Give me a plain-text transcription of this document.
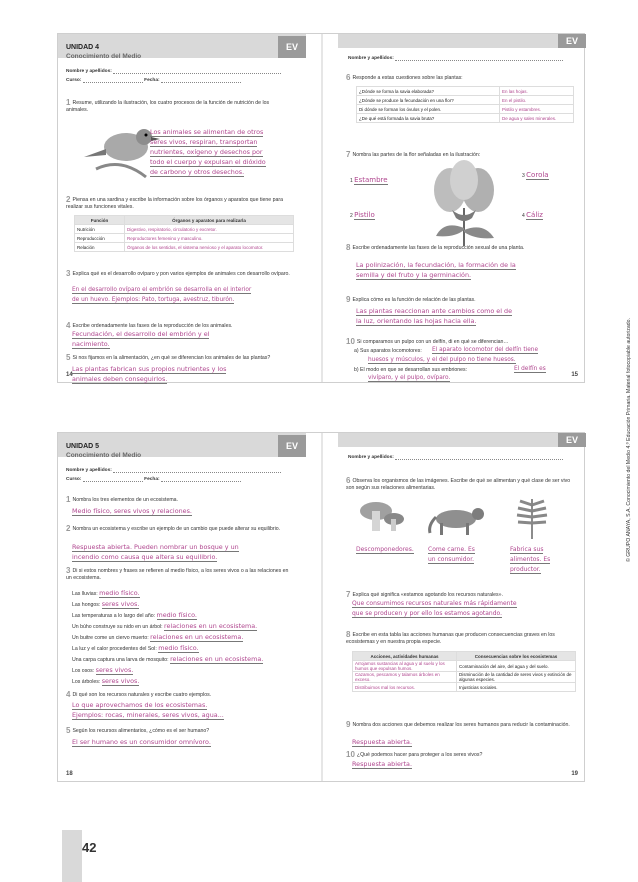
UNIDAD 4
Conocimiento del Medio
EV
Nombre y apellidos:
Curso:	Fecha:
1 Resume, utilizando la ilustración, los cuatro procesos de la función de nutrición de los animales.
Los animales se alimentan de otros
seres vivos, respiran, transportan
nutrientes, oxígeno y desechos por
todo el cuerpo y expulsan el dióxido
de carbono y otros desechos.
2 Piensa en una sardina y escribe la información sobre los órganos y aparatos que tiene para realizar sus funciones vitales.
Función	Órganos y aparatos para realizarla
Nutrición	Digestivo, respiratorio, circulatorio y excretor.
Reproducción	Reproductores femenino y masculino.
Relación	Órganos de los sentidos, el sistema nervioso y el aparato locomotor.
3 Explica qué es el desarrollo ovíparo y pon varios ejemplos de animales con desarrollo ovíparo.
En el desarrollo ovíparo el embrión se desarrolla en el interior
de un huevo. Ejemplos: Pato, tortuga, avestruz, tiburón.
4 Escribe ordenadamente las fases de la reproducción de los animales.
Fecundación, el desarrollo del embrión y el
nacimiento.
5 Si nos fijamos en la alimentación, ¿en qué se diferencian los animales de las plantas?
Las plantas fabrican sus propios nutrientes y los
animales deben conseguirlos.
14
EV
Nombre y apellidos:
6 Responde a estas cuestiones sobre las plantas:
¿Dónde se forma la savia elaborada?	En las hojas.
¿Dónde se produce la fecundación en una flor?	En el pistilo.
Di dónde se forman los óvulos y el polen.	Pistilo y estambres.
¿De qué está formada la savia bruta?	De agua y sales minerales.
7 Nombra las partes de la flor señaladas en la ilustración:
1 Estambre	3 Corola
2 Pistilo	4 Cáliz
8 Escribe ordenadamente las fases de la reproducción sexual de una planta.
La polinización, la fecundación, la formación de la
semilla y del fruto y la germinación.
9 Explica cómo es la función de relación de las plantas.
Las plantas reaccionan ante cambios como el de
la luz, orientando las hojas hacia ella.
10 Si comparamos un pulpo con un delfín, di en qué se diferencian…
a) Sus aparatos locomotores:	El aparato locomotor del delfín tiene
huesos y músculos, y el del pulpo no tiene huesos.
b) El modo en que se desarrollan sus embriones:	El delfín es
vivíparo, y el pulpo, ovíparo.	15
UNIDAD 5
Conocimiento del Medio
EV
Nombre y apellidos:
Curso:	Fecha:
1 Nombra los tres elementos de un ecosistema.
Medio físico, seres vivos y relaciones.
2 Nombra un ecosistema y escribe un ejemplo de un cambio que puede alterar su equilibrio.
Respuesta abierta. Pueden nombrar un bosque y un
incendio como causa que altera su equilibrio.
3 Di si estos nombres y frases se refieren al medio físico, a los seres vivos o a las relaciones en un ecosistema.
Las lluvias: medio físico.
Las hongos: seres vivos.
Las temperaturas a lo largo del año: medio físico.
Un búho construye su nido en un árbol: relaciones en un ecosistema.
Un buitre come un ciervo muerto: relaciones en un ecosistema.
La luz y el calor procedentes del Sol: medio físico.
Una carpa captura una larva de mosquito: relaciones en un ecosistema.
Los osos: seres vivos.
Los árboles: seres vivos.
4 Di qué son los recursos naturales y escribe cuatro ejemplos.
Lo que aprovechamos de los ecosistemas.
Ejemplos: rocas, minerales, seres vivos, agua...
5 Según los recursos alimentarios, ¿cómo es el ser humano?
El ser humano es un consumidor omnívoro.
18
EV
Nombre y apellidos:
6 Observa los organismos de las imágenes. Escribe de qué se alimentan y qué clase de ser vivo son según sus relaciones alimentarias.
Descomponedores. Come carne. Es
un consumidor.
Fabrica sus
alimentos. Es
productor.
7 Explica qué significa «estamos agotando los recursos naturales».
Que consumimos recursos naturales más rápidamente
que se producen y por ello los estamos agotando.
8 Escribe en esta tabla las acciones humanas que producen consecuencias graves en los ecosistemas y en nuestra propia especie.
Acciones, actividades humanas	Consecuencias sobre los ecosistemas
Arrojamos sustancias al agua y al suelo y los humos que expulsan humos.	Contaminación del aire, del agua y del suelo.
Cazamos, pescamos y talamos árboles en exceso.	Disminución de la cantidad de seres vivos y extinción de algunas especies.
Distribuimos mal los recursos.	Injusticias sociales.
9 Nombra dos acciones que debemos realizar los seres humanos para reducir la contaminación.
Respuesta abierta.
10 ¿Qué podemos hacer para proteger a los seres vivos?
Respuesta abierta.
19
© GRUPO ANAYA, S.A. Conocimiento del Medio 4.º Educación Primaria. Material fotocopiable autorizado.
42
